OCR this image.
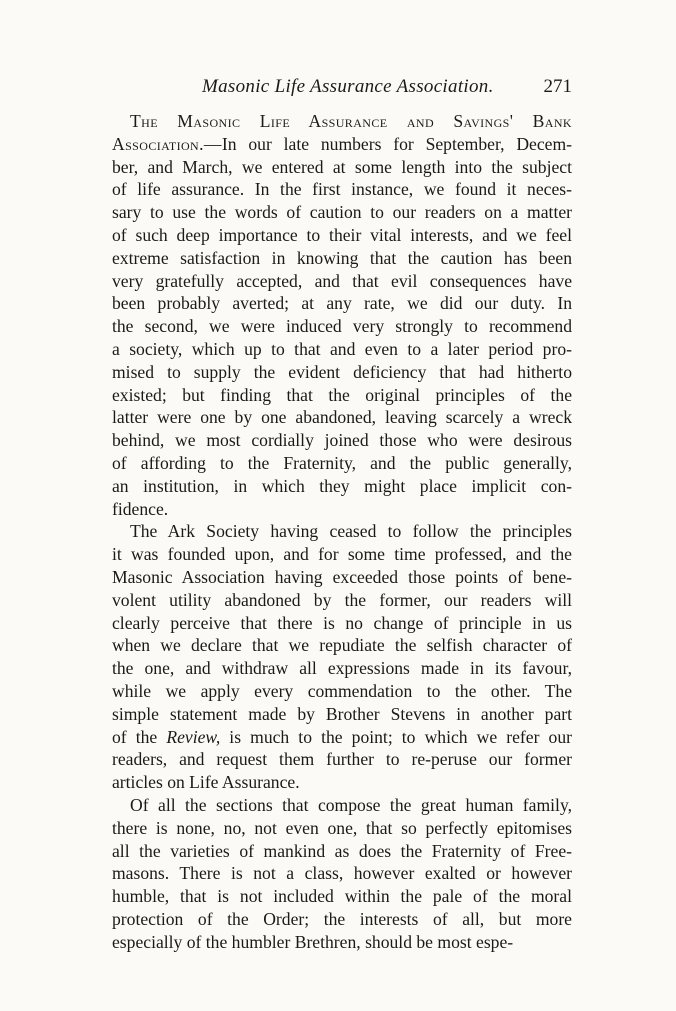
Masonic Life Assurance Association.	271
The Masonic Life Assurance and Savings' Bank
Association.—In our late numbers for September, Decem-
ber, and March, we entered at some length into the subject
of life assurance. In the first instance, we found it neces-
sary to use the words of caution to our readers on a matter
of such deep importance to their vital interests, and we feel
extreme satisfaction in knowing that the caution has been
very gratefully accepted, and that evil consequences have
been probably averted; at any rate, we did our duty. In
the second, we were induced very strongly to recommend
a society, which up to that and even to a later period pro-
mised to supply the evident deficiency that had hitherto
existed; but finding that the original principles of the
latter were one by one abandoned, leaving scarcely a wreck
behind, we most cordially joined those who were desirous
of affording to the Fraternity, and the public generally,
an institution, in which they might place implicit con-
fidence.
The Ark Society having ceased to follow the principles
it was founded upon, and for some time professed, and the
Masonic Association having exceeded those points of bene-
volent utility abandoned by the former, our readers will
clearly perceive that there is no change of principle in us
when we declare that we repudiate the selfish character of
the one, and withdraw all expressions made in its favour,
while we apply every commendation to the other. The
simple statement made by Brother Stevens in another part
of the Review, is much to the point; to which we refer our
readers, and request them further to re-peruse our former
articles on Life Assurance.
Of all the sections that compose the great human family,
there is none, no, not even one, that so perfectly epitomises
all the varieties of mankind as does the Fraternity of Free-
masons. There is not a class, however exalted or however
humble, that is not included within the pale of the moral
protection of the Order; the interests of all, but more
especially of the humbler Brethren, should be most espe-
